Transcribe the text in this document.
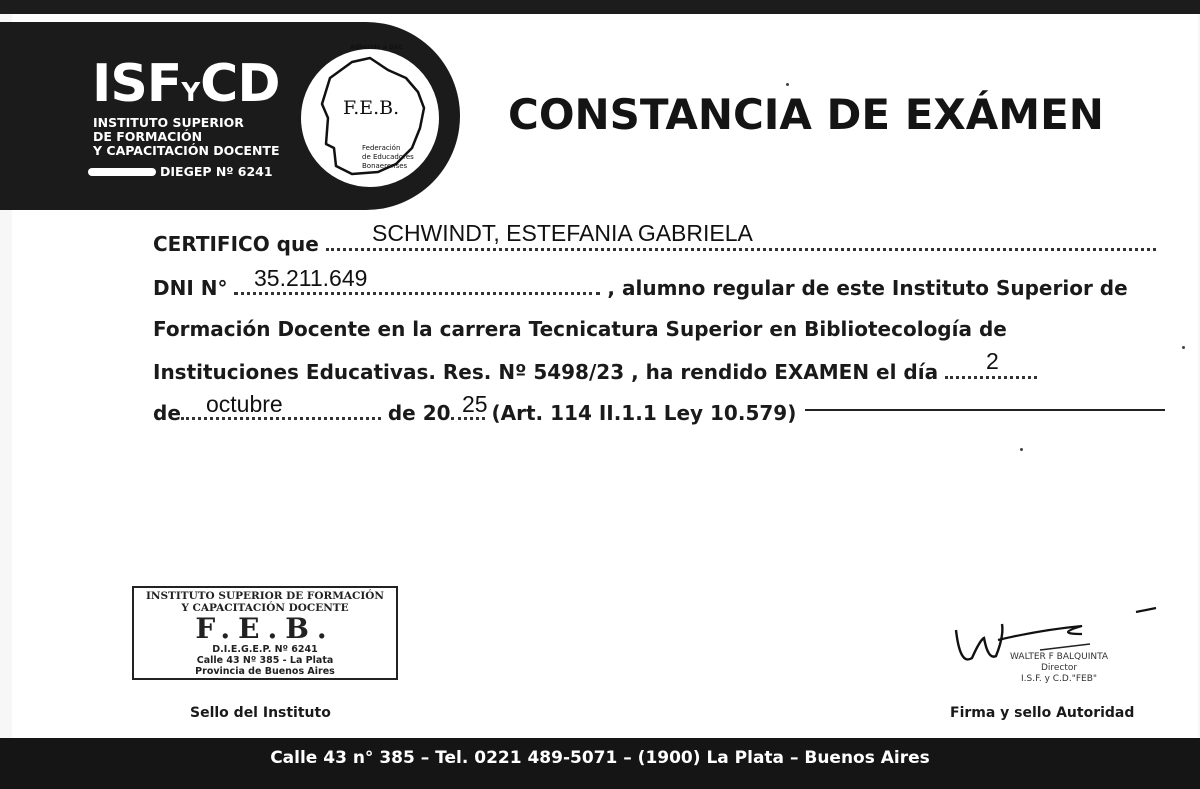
ISFYCD
INSTITUTO SUPERIOR
DE FORMACIÓN
Y CAPACITACIÓN DOCENTE
DIEGEP Nº 6241
Adherido a DAC
F.E.B.
Federación
de Educadores
Bonaerenses
CONSTANCIA DE EXÁMEN
CERTIFICO que	SCHWINDT, ESTEFANIA GABRIELA
DNI N°	, alumno regular de este Instituto Superior de
35.211.649
Formación Docente en la carrera Tecnicatura Superior en Bibliotecología de
Instituciones Educativas. Res. Nº 5498/23 , ha rendido EXAMEN el día	2
de	de 20 (Art. 114 II.1.1 Ley 10.579)
octubre	25
INSTITUTO SUPERIOR DE FORMACIÓN
Y CAPACITACIÓN DOCENTE
F.E.B.
D.I.E.G.E.P. Nº 6241
Calle 43 Nº 385 - La Plata
Provincia de Buenos Aires
Sello del Instituto
WALTER F BALQUINTA
Director
I.S.F. y C.D."FEB"
Firma y sello Autoridad
Calle 43 n° 385 – Tel. 0221 489-5071 – (1900) La Plata – Buenos Aires
